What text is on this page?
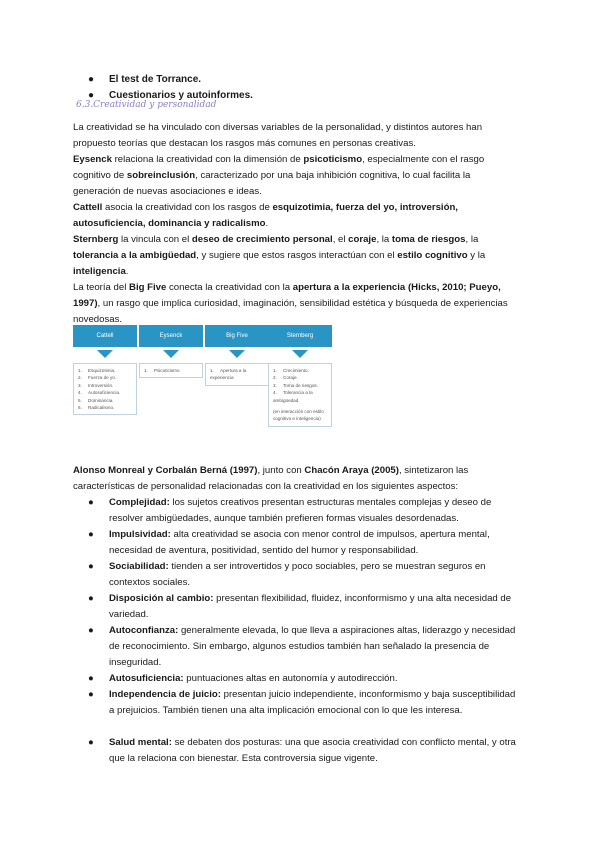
● El test de Torrance.
● Cuestionarios y autoinformes.
6.3.Creatividad y personalidad
La creatividad se ha vinculado con diversas variables de la personalidad, y distintos autores han propuesto teorías que destacan los rasgos más comunes en personas creativas.
Eysenck relaciona la creatividad con la dimensión de psicoticismo, especialmente con el rasgo cognitivo de sobreinclusión, caracterizado por una baja inhibición cognitiva, lo cual facilita la generación de nuevas asociaciones e ideas.
Cattell asocia la creatividad con los rasgos de esquizotimia, fuerza del yo, introversión, autosuficiencia, dominancia y radicalismo.
Sternberg la vincula con el deseo de crecimiento personal, el coraje, la toma de riesgos, la tolerancia a la ambigüedad, y sugiere que estos rasgos interactúan con el estilo cognitivo y la inteligencia.
La teoría del Big Five conecta la creatividad con la apertura a la experiencia (Hicks, 2010; Pueyo, 1997), un rasgo que implica curiosidad, imaginación, sensibilidad estética y búsqueda de experiencias novedosas.
Cattell
1. Esquizotimia.
2. Fuerza de yo.
3. Introversión.
4. Autosuficiencia.
5. Dominancia.
6. Radicalismo.
Eysenck
1. Psicoticismo
Big Five
1. Apertura a la experiencia
Sternberg
1. Crecimiento.
2. Coraje.
3. Toma de riesgos.
4. Tolerancia a la ambigüedad.
(en interacción con estilo cognitivo e inteligencia)
Alonso Monreal y Corbalán Berná (1997), junto con Chacón Araya (2005), sintetizaron las características de personalidad relacionadas con la creatividad en los siguientes aspectos:
● Complejidad: los sujetos creativos presentan estructuras mentales complejas y deseo de resolver ambigüedades, aunque también prefieren formas visuales desordenadas.
● Impulsividad: alta creatividad se asocia con menor control de impulsos, apertura mental, necesidad de aventura, positividad, sentido del humor y responsabilidad.
● Sociabilidad: tienden a ser introvertidos y poco sociables, pero se muestran seguros en contextos sociales.
● Disposición al cambio: presentan flexibilidad, fluidez, inconformismo y una alta necesidad de variedad.
● Autoconfianza: generalmente elevada, lo que lleva a aspiraciones altas, liderazgo y necesidad de reconocimiento. Sin embargo, algunos estudios también han señalado la presencia de inseguridad.
● Autosuficiencia: puntuaciones altas en autonomía y autodirección.
● Independencia de juicio: presentan juicio independiente, inconformismo y baja susceptibilidad a prejuicios. También tienen una alta implicación emocional con lo que les interesa.
● Salud mental: se debaten dos posturas: una que asocia creatividad con conflicto mental, y otra que la relaciona con bienestar. Esta controversia sigue vigente.
